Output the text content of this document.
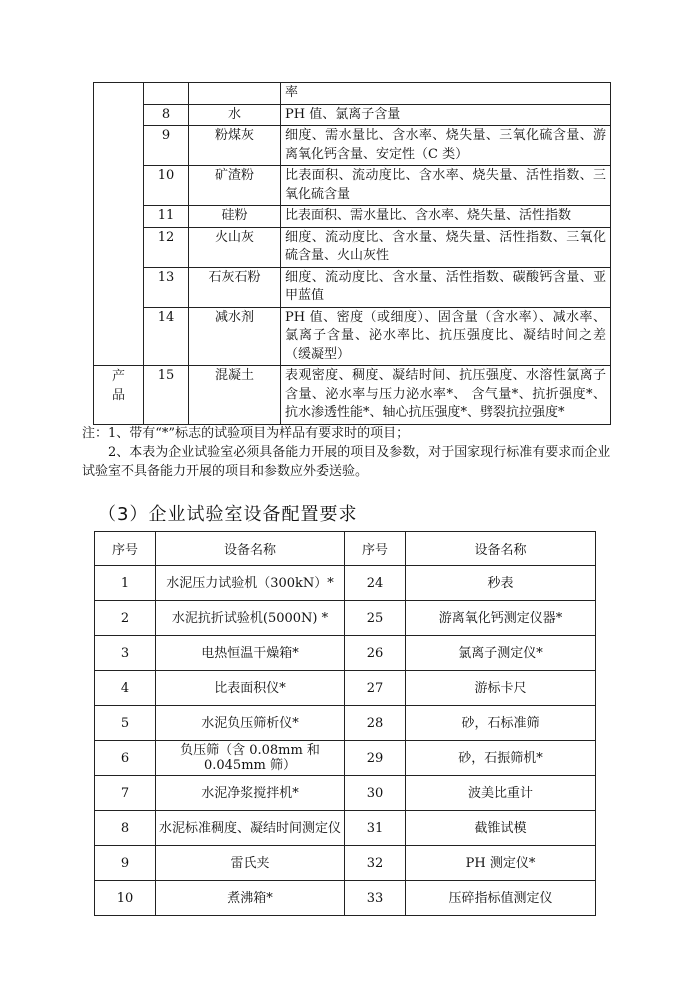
			率
	8	水	PH 值、氯离子含量
	9	粉煤灰	细度、需水量比、含水率、烧失量、三氧化硫含量、游离氧化钙含量、安定性（C 类）
	10	矿渣粉	比表面积、流动度比、含水率、烧失量、活性指数、三氧化硫含量
	11	硅粉	比表面积、需水量比、含水率、烧失量、活性指数
	12	火山灰	细度、流动度比、含水量、烧失量、活性指数、三氧化硫含量、火山灰性
	13	石灰石粉	细度、流动度比、含水量、活性指数、碳酸钙含量、亚甲蓝值
	14	减水剂	PH 值、密度（或细度）、固含量（含水率）、减水率、氯离子含量、泌水率比、抗压强度比、凝结时间之差（缓凝型）
产
品	15	混凝土	表观密度、稠度、凝结时间、抗压强度、水溶性氯离子含量、泌水率与压力泌水率*、 含气量*、抗折强度*、抗水渗透性能*、轴心抗压强度*、劈裂抗拉强度*

注：1、带有“*”标志的试验项目为样品有要求时的项目；

2、本表为企业试验室必须具备能力开展的项目及参数，对于国家现行标准有要求而企业试验室不具备能力开展的项目和参数应外委送验。

（3）企业试验室设备配置要求
序号	设备名称	序号	设备名称
1	水泥压力试验机（300kN）*	24	秒表
2	水泥抗折试验机(5000N) *	25	游离氧化钙测定仪器*
3	电热恒温干燥箱*	26	氯离子测定仪*
4	比表面积仪*	27	游标卡尺
5	水泥负压筛析仪*	28	砂，石标准筛
6	负压筛（含 0.08mm 和 0.045mm 筛）	29	砂，石振筛机*
7	水泥净浆搅拌机*	30	波美比重计
8	水泥标准稠度、凝结时间测定仪	31	截锥试模
9	雷氏夹	32	PH 测定仪*
10	煮沸箱*	33	压碎指标值测定仪
